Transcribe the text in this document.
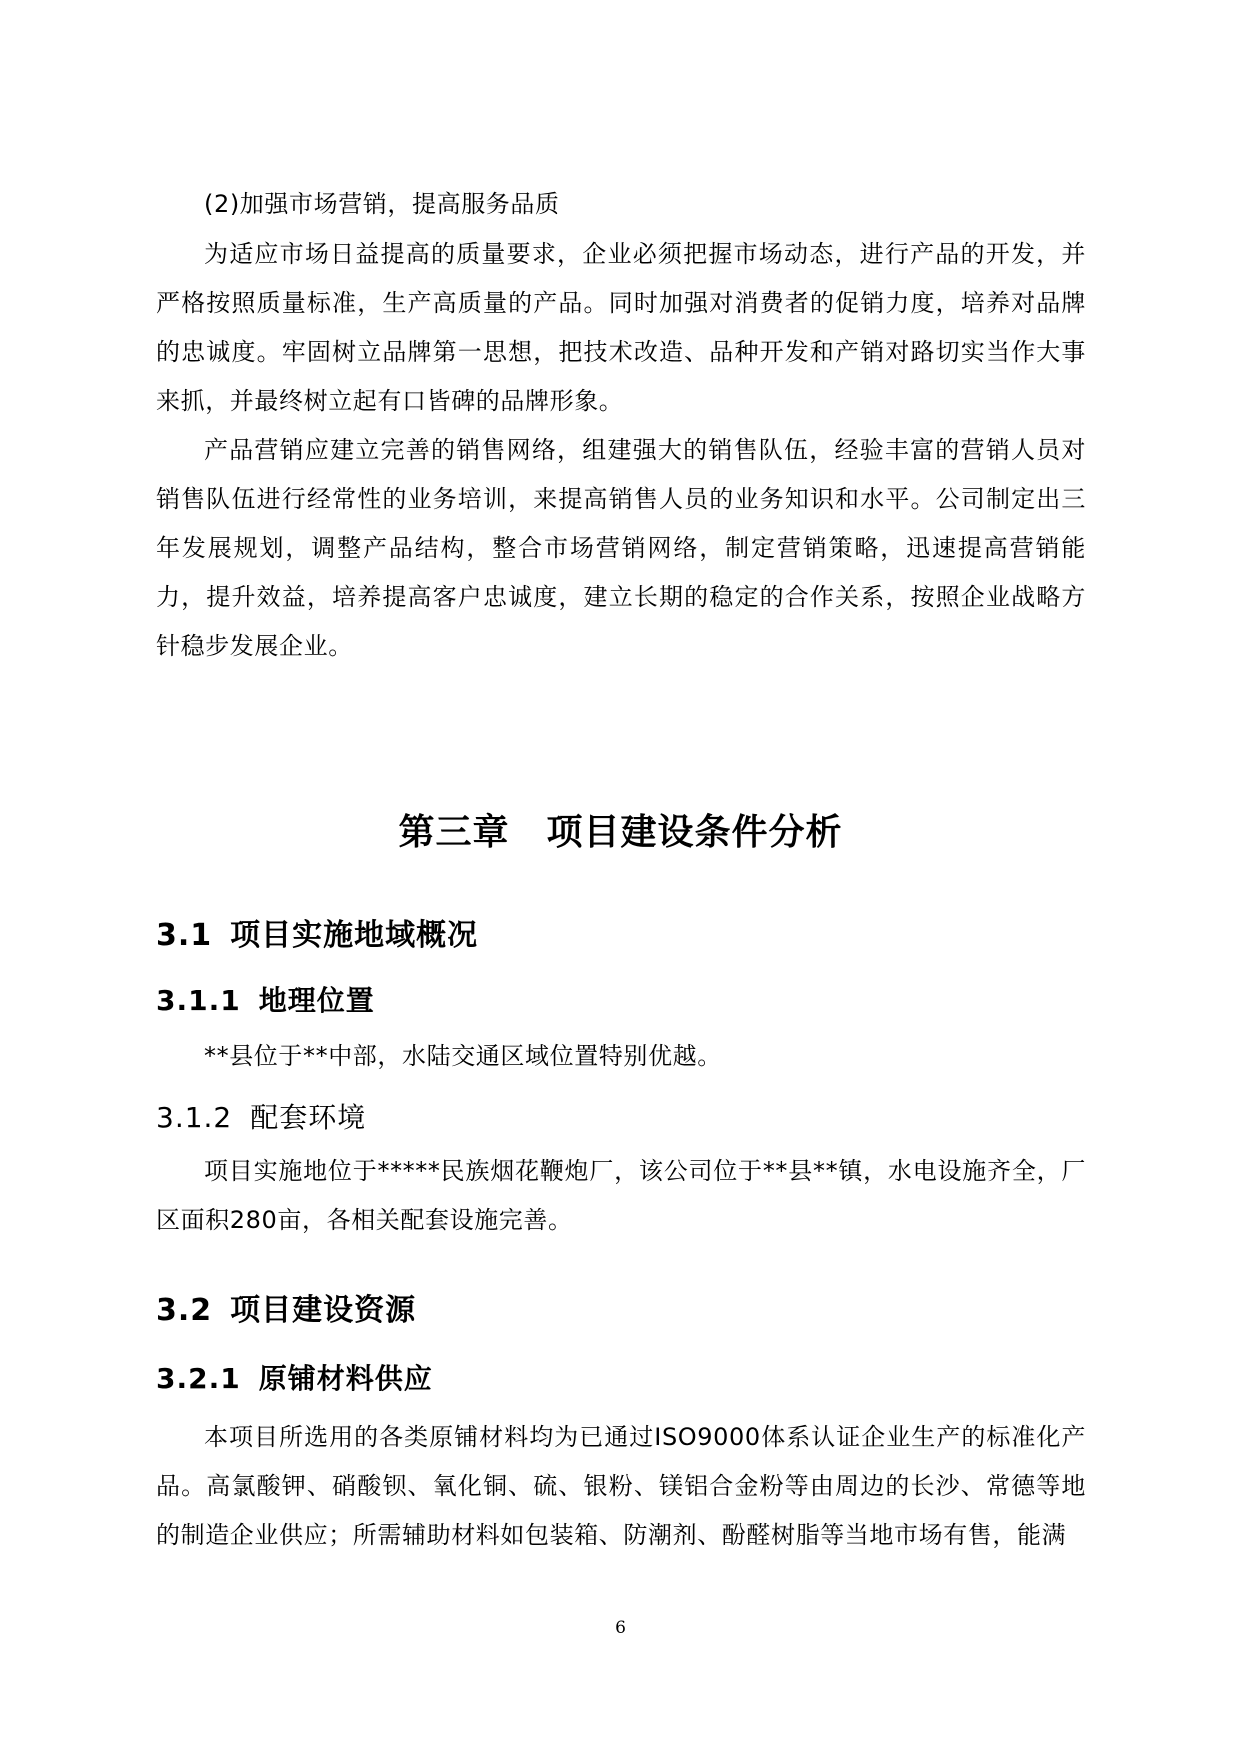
(2)加强市场营销，提高服务品质

为适应市场日益提高的质量要求，企业必须把握市场动态，进行产品的开发，并严格按照质量标准，生产高质量的产品。同时加强对消费者的促销力度，培养对品牌的忠诚度。牢固树立品牌第一思想，把技术改造、品种开发和产销对路切实当作大事来抓，并最终树立起有口皆碑的品牌形象。

产品营销应建立完善的销售网络，组建强大的销售队伍，经验丰富的营销人员对销售队伍进行经常性的业务培训，来提高销售人员的业务知识和水平。公司制定出三年发展规划，调整产品结构，整合市场营销网络，制定营销策略，迅速提高营销能力，提升效益，培养提高客户忠诚度，建立长期的稳定的合作关系，按照企业战略方针稳步发展企业。

第三章　项目建设条件分析
3.1 项目实施地域概况
3.1.1 地理位置

**县位于**中部，水陆交通区域位置特别优越。

3.1.2 配套环境

项目实施地位于*****民族烟花鞭炮厂，该公司位于**县**镇，水电设施齐全，厂区面积280亩，各相关配套设施完善。

3.2 项目建设资源
3.2.1 原铺材料供应

本项目所选用的各类原铺材料均为已通过ISO9000体系认证企业生产的标准化产品。高氯酸钾、硝酸钡、氧化铜、硫、银粉、镁铝合金粉等由周边的长沙、常德等地的制造企业供应；所需辅助材料如包装箱、防潮剂、酚醛树脂等当地市场有售，能满

6
